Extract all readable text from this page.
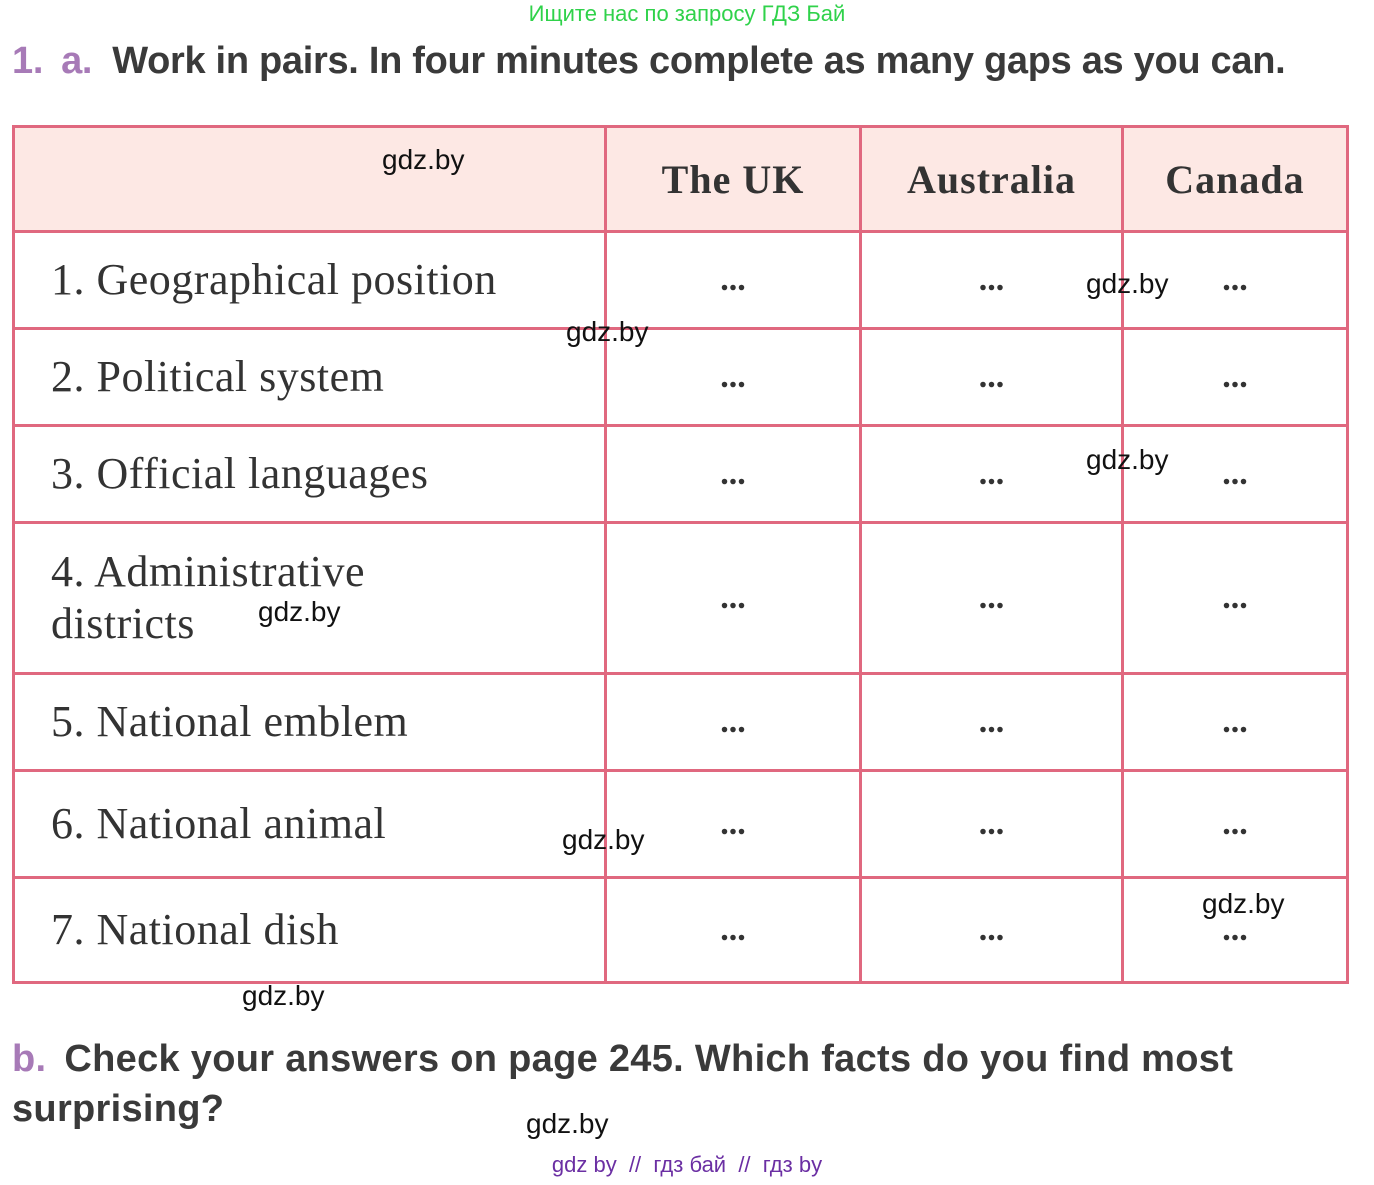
Ищите нас по запросу ГДЗ Бай
1. a. Work in pairs. In four minutes complete as many gaps as you can.
	The UK	Australia	Canada
1. Geographical position	...	...	...
2. Political system	...	...	...
3. Official languages	...	...	...
4. Administrative districts	...	...	...
5. National emblem	...	...	...
6. National animal	...	...	...
7. National dish	...	...	...
gdz.by
gdz.by
gdz.by
gdz.by
gdz.by
gdz.by
gdz.by
gdz.by
gdz.by
b. Check your answers on page 245. Which facts do you find most surprising?
gdz by  //  гдз бай  //  гдз by
